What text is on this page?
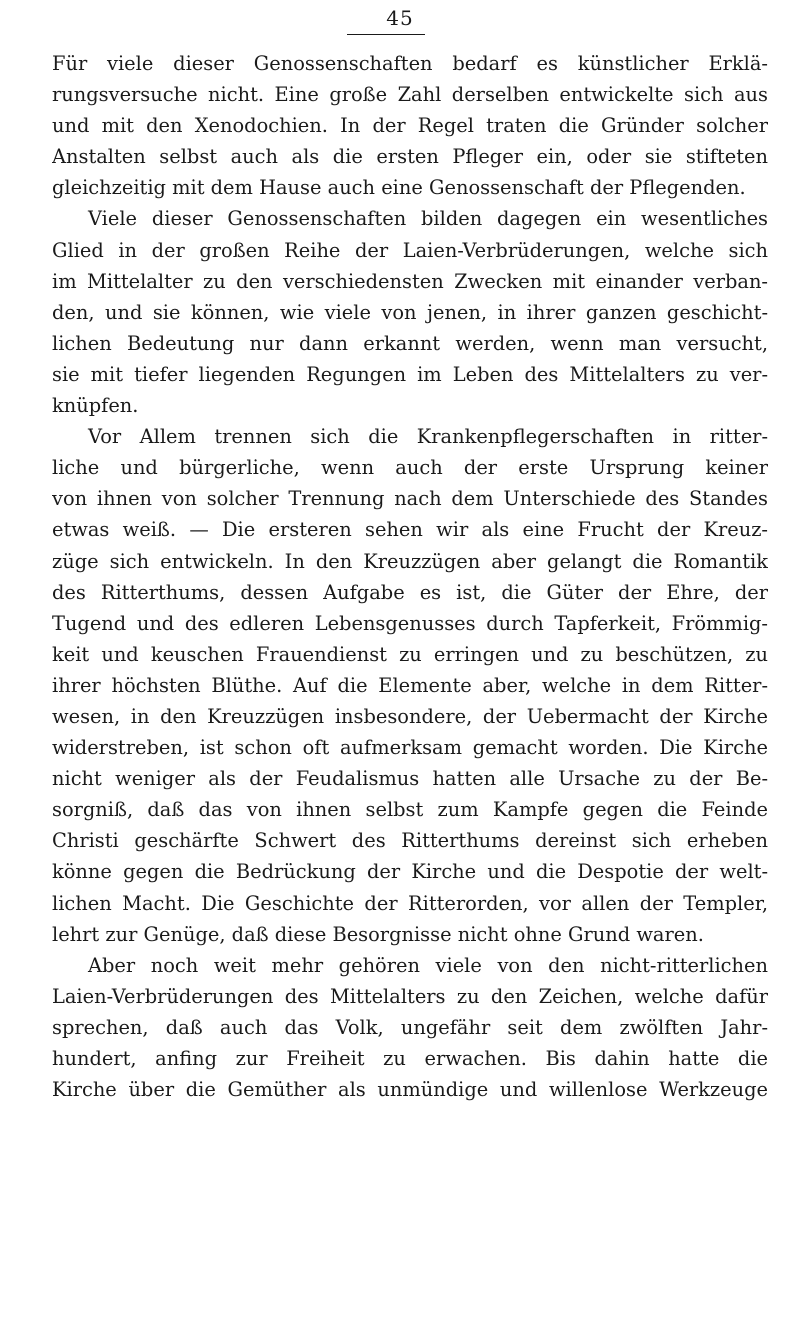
45
Für viele dieser Genossenschaften bedarf es künstlicher Erklä-
rungsversuche nicht. Eine große Zahl derselben entwickelte sich aus
und mit den Xenodochien. In der Regel traten die Gründer solcher
Anstalten selbst auch als die ersten Pfleger ein, oder sie stifteten
gleichzeitig mit dem Hause auch eine Genossenschaft der Pflegenden.
Viele dieser Genossenschaften bilden dagegen ein wesentliches
Glied in der großen Reihe der Laien-Verbrüderungen, welche sich
im Mittelalter zu den verschiedensten Zwecken mit einander verban-
den, und sie können, wie viele von jenen, in ihrer ganzen geschicht-
lichen Bedeutung nur dann erkannt werden, wenn man versucht,
sie mit tiefer liegenden Regungen im Leben des Mittelalters zu ver-
knüpfen.
Vor Allem trennen sich die Krankenpflegerschaften in ritter-
liche und bürgerliche, wenn auch der erste Ursprung keiner
von ihnen von solcher Trennung nach dem Unterschiede des Standes
etwas weiß. — Die ersteren sehen wir als eine Frucht der Kreuz-
züge sich entwickeln. In den Kreuzzügen aber gelangt die Romantik
des Ritterthums, dessen Aufgabe es ist, die Güter der Ehre, der
Tugend und des edleren Lebensgenusses durch Tapferkeit, Frömmig-
keit und keuschen Frauendienst zu erringen und zu beschützen, zu
ihrer höchsten Blüthe. Auf die Elemente aber, welche in dem Ritter-
wesen, in den Kreuzzügen insbesondere, der Uebermacht der Kirche
widerstreben, ist schon oft aufmerksam gemacht worden. Die Kirche
nicht weniger als der Feudalismus hatten alle Ursache zu der Be-
sorgniß, daß das von ihnen selbst zum Kampfe gegen die Feinde
Christi geschärfte Schwert des Ritterthums dereinst sich erheben
könne gegen die Bedrückung der Kirche und die Despotie der welt-
lichen Macht. Die Geschichte der Ritterorden, vor allen der Templer,
lehrt zur Genüge, daß diese Besorgnisse nicht ohne Grund waren.
Aber noch weit mehr gehören viele von den nicht-ritterlichen
Laien-Verbrüderungen des Mittelalters zu den Zeichen, welche dafür
sprechen, daß auch das Volk, ungefähr seit dem zwölften Jahr-
hundert, anfing zur Freiheit zu erwachen. Bis dahin hatte die
Kirche über die Gemüther als unmündige und willenlose Werkzeuge
